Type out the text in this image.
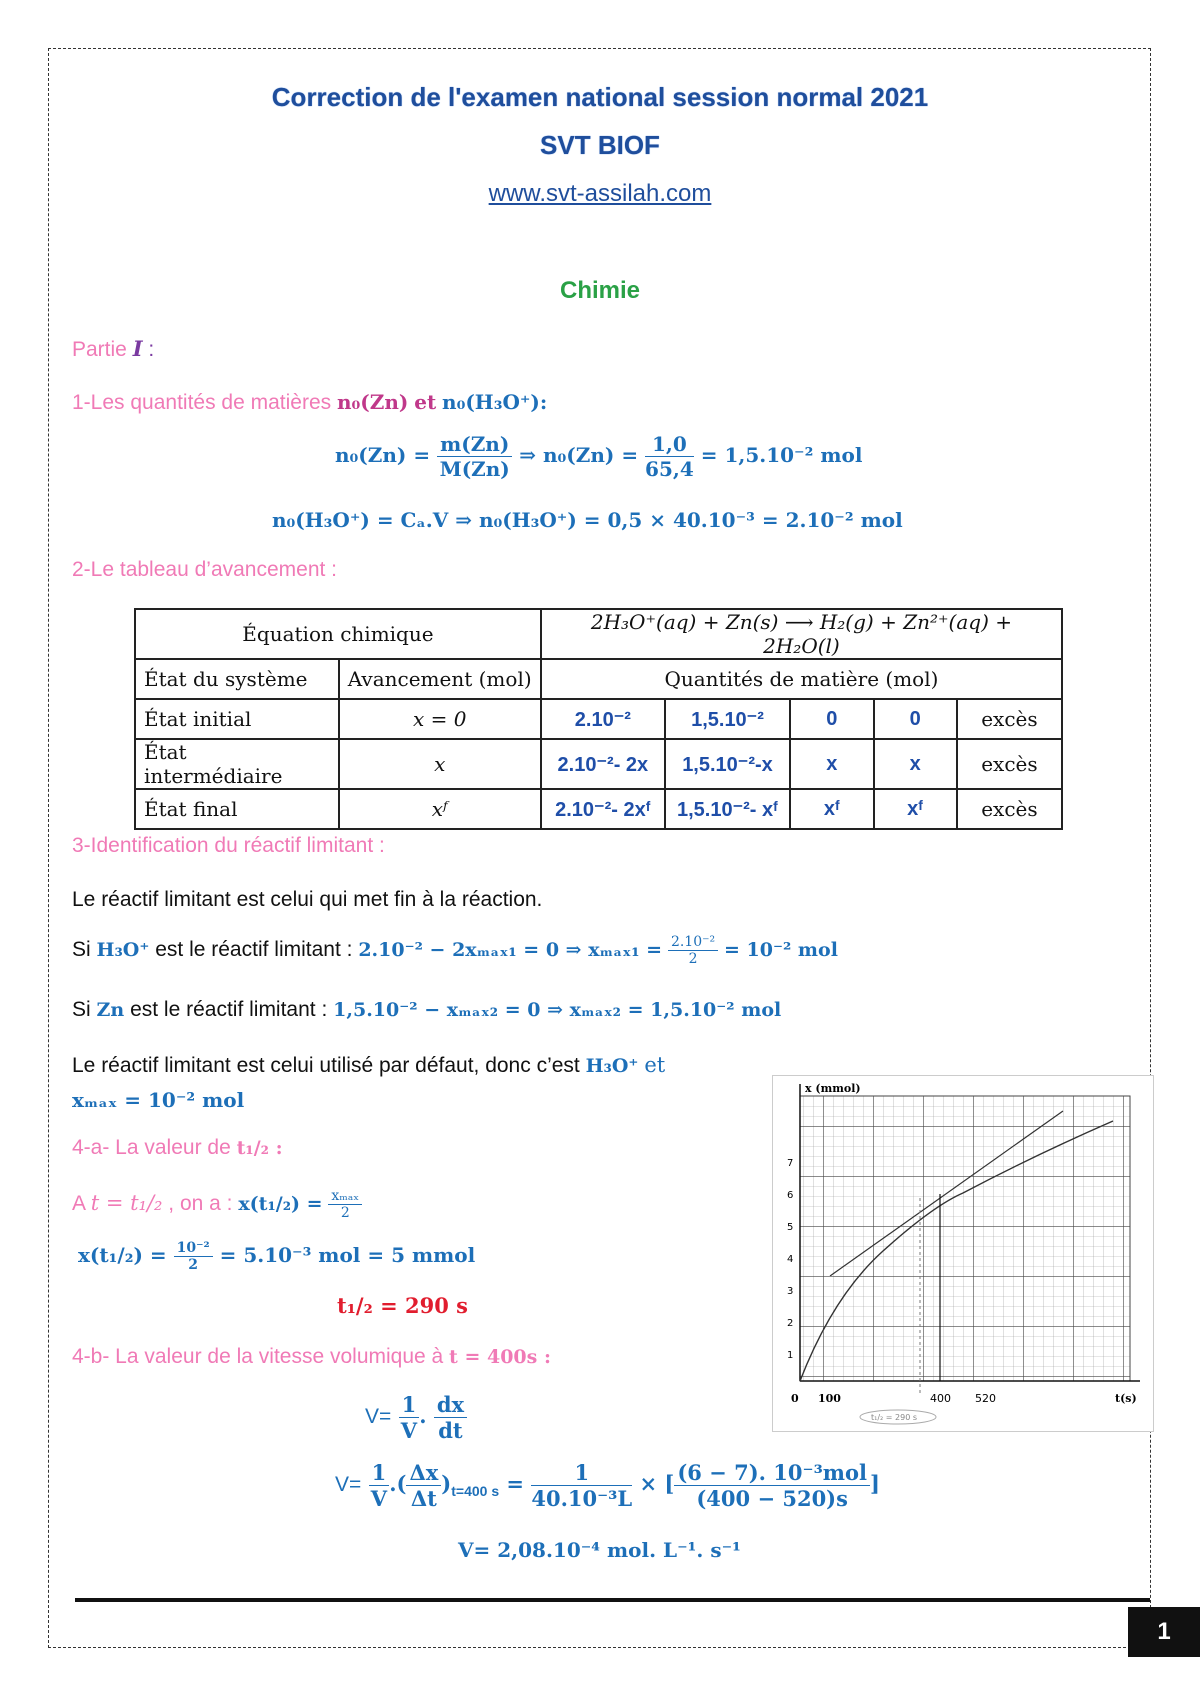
Correction de l'examen national session normal 2021
SVT BIOF
www.svt-assilah.com
Chimie
Partie I :
1-Les quantités de matières n₀(Zn) et n₀(H₃O⁺):
$n_0(Zn) = \frac{m(Zn)}{M(Zn)}$ ⇒ $n_0(Zn) = \frac{1,0}{65,4} = 1,5.10^{-2}$ mol
n₀(H₃O⁺) = Cₐ.V ⇒ n₀(H₃O⁺) = 0,5 × 40.10⁻³ = 2.10⁻² mol
2-Le tableau d’avancement :
Équation chimique		2H₃O⁺(aq) + Zn(s) ⟶ H₂(g) + Zn²⁺(aq) + 2H₂O(l)				
État du système	Avancement (mol)	Quantités de matière (mol)				
État initial	x = 0	2.10⁻²	1,5.10⁻²	0	0	excès
État intermédiaire	x	2.10⁻²- 2x	1,5.10⁻²-x	x	x	excès
État final	xᶠ	2.10⁻²- 2xᶠ	1,5.10⁻²- xᶠ	xᶠ	xᶠ	excès
3-Identification du réactif limitant :
Le réactif limitant est celui qui met fin à la réaction.
Si H₃O⁺ est le réactif limitant : 2.10⁻² − 2xₘₐₓ₁ = 0 ⇒ $x_{max1} = \frac{\text{2.10⁻²}}{2} = 10^{-2}$ mol
Si Zn est le réactif limitant : 1,5.10⁻² − xₘₐₓ₂ = 0 ⇒ xₘₐₓ₂ = 1,5.10⁻² mol
Le réactif limitant est celui utilisé par défaut, donc c’est H₃O⁺ et
xₘₐₓ = 10⁻² mol
4-a- La valeur de t₁/₂ :
A t = t₁/₂ , on a : $x(t_1/_2) = \frac{\text{xₘₐₓ}}{2}$
$x(t_1/_2) = \frac{\text{10⁻²}}{2} = 5.10^{-3}$ mol = 5 mmol
t₁/₂ = 290 s
4-b- La valeur de la vitesse volumique à t = 400s :
$V= \frac{1}{V}$ . $\frac{dx}{dt}$
$V= \frac{1}{V}$ .( $\frac{\Delta x}{\Delta t} )_{t=400 s} = \frac{1}{\text{40.10⁻³L}}$ × [ $\frac{\text{(6 − 7). 10⁻³mol}}{(400 - 520)s}$ ]
V= 2,08.10⁻⁴ mol. L⁻¹. s⁻¹
x (mmol)
t(s)
1
2
3
4
5
6
7
0 100	400 520
t₁/₂ = 290 s
1
